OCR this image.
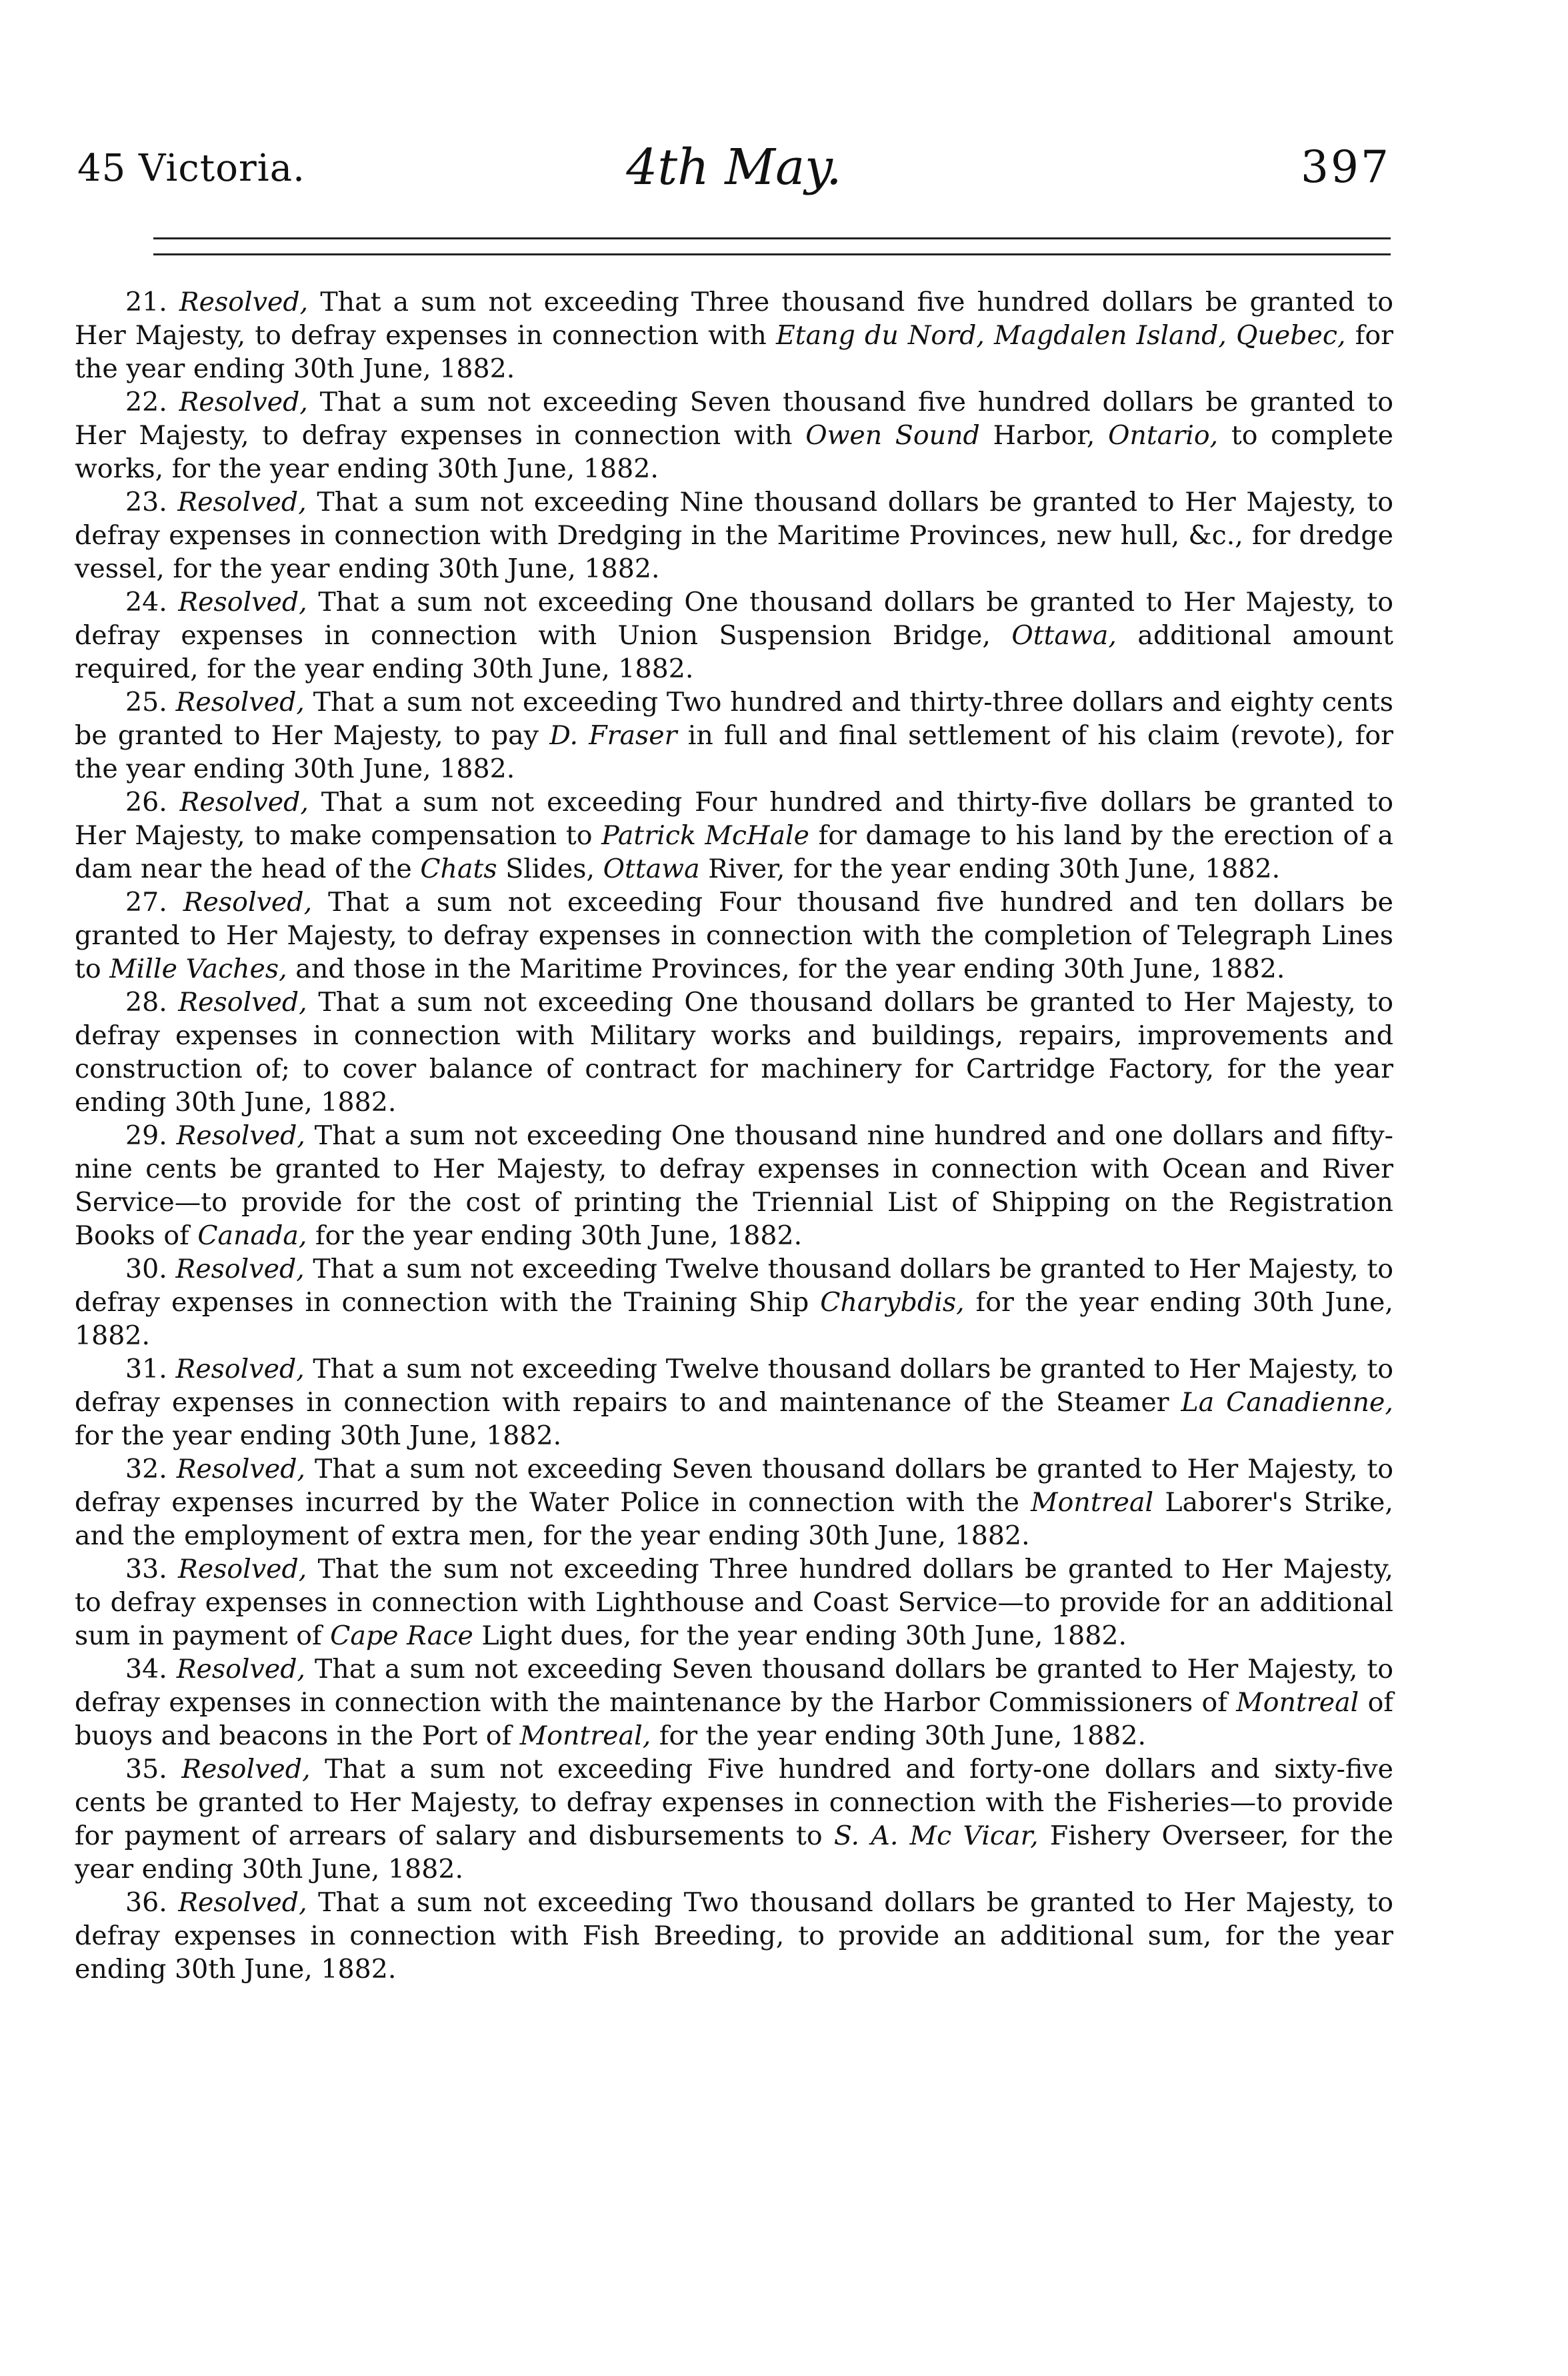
45 Victoria.	4th May.	397

21. Resolved, That a sum not exceeding Three thousand five hundred dollars be granted to Her Majesty, to defray expenses in connection with Etang du Nord, Magdalen Island, Quebec, for the year ending 30th June, 1882.

22. Resolved, That a sum not exceeding Seven thousand five hundred dollars be granted to Her Majesty, to defray expenses in connection with Owen Sound Harbor, Ontario, to complete works, for the year ending 30th June, 1882.

23. Resolved, That a sum not exceeding Nine thousand dollars be granted to Her Majesty, to defray expenses in connection with Dredging in the Maritime Provinces, new hull, &c., for dredge vessel, for the year ending 30th June, 1882.

24. Resolved, That a sum not exceeding One thousand dollars be granted to Her Majesty, to defray expenses in connection with Union Suspension Bridge, Ottawa, additional amount required, for the year ending 30th June, 1882.

25. Resolved, That a sum not exceeding Two hundred and thirty-three dollars and eighty cents be granted to Her Majesty, to pay D. Fraser in full and final settlement of his claim (revote), for the year ending 30th June, 1882.

26. Resolved, That a sum not exceeding Four hundred and thirty-five dollars be granted to Her Majesty, to make compensation to Patrick McHale for damage to his land by the erection of a dam near the head of the Chats Slides, Ottawa River, for the year ending 30th June, 1882.

27. Resolved, That a sum not exceeding Four thousand five hundred and ten dollars be granted to Her Majesty, to defray expenses in connection with the completion of Telegraph Lines to Mille Vaches, and those in the Maritime Provinces, for the year ending 30th June, 1882.

28. Resolved, That a sum not exceeding One thousand dollars be granted to Her Majesty, to defray expenses in connection with Military works and buildings, repairs, improvements and construction of; to cover balance of contract for machinery for Cartridge Factory, for the year ending 30th June, 1882.

29. Resolved, That a sum not exceeding One thousand nine hundred and one dollars and fifty-nine cents be granted to Her Majesty, to defray expenses in connection with Ocean and River Service—to provide for the cost of printing the Triennial List of Shipping on the Registration Books of Canada, for the year ending 30th June, 1882.

30. Resolved, That a sum not exceeding Twelve thousand dollars be granted to Her Majesty, to defray expenses in connection with the Training Ship Charybdis, for the year ending 30th June, 1882.

31. Resolved, That a sum not exceeding Twelve thousand dollars be granted to Her Majesty, to defray expenses in connection with repairs to and maintenance of the Steamer La Canadienne, for the year ending 30th June, 1882.

32. Resolved, That a sum not exceeding Seven thousand dollars be granted to Her Majesty, to defray expenses incurred by the Water Police in connection with the Montreal Laborer's Strike, and the employment of extra men, for the year ending 30th June, 1882.

33. Resolved, That the sum not exceeding Three hundred dollars be granted to Her Majesty, to defray expenses in connection with Lighthouse and Coast Service—to provide for an additional sum in payment of Cape Race Light dues, for the year ending 30th June, 1882.

34. Resolved, That a sum not exceeding Seven thousand dollars be granted to Her Majesty, to defray expenses in connection with the maintenance by the Harbor Commissioners of Montreal of buoys and beacons in the Port of Montreal, for the year ending 30th June, 1882.

35. Resolved, That a sum not exceeding Five hundred and forty-one dollars and sixty-five cents be granted to Her Majesty, to defray expenses in connection with the Fisheries—to provide for payment of arrears of salary and disbursements to S. A. Mc Vicar, Fishery Overseer, for the year ending 30th June, 1882.

36. Resolved, That a sum not exceeding Two thousand dollars be granted to Her Majesty, to defray expenses in connection with Fish Breeding, to provide an additional sum, for the year ending 30th June, 1882.
